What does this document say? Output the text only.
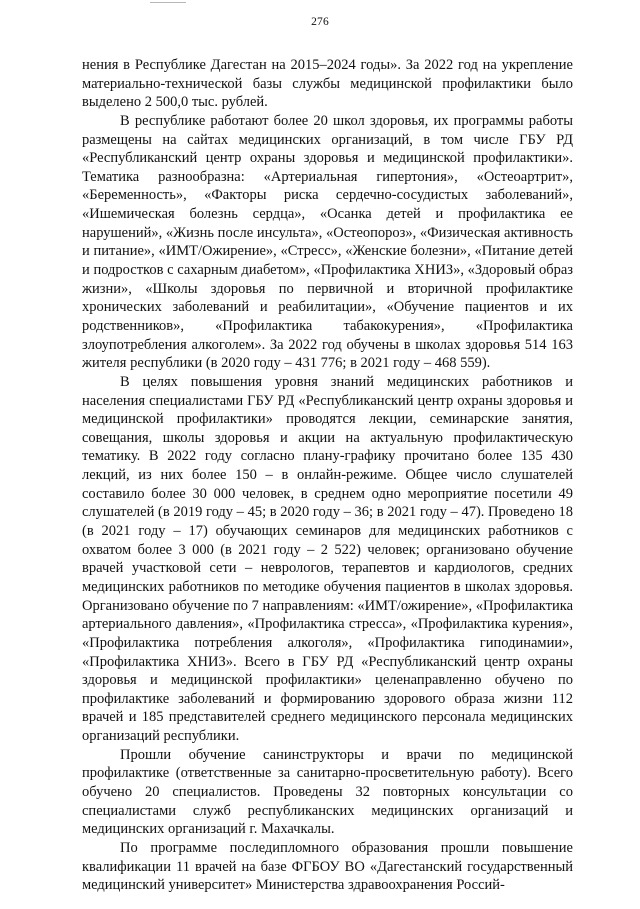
276

нения в Республике Дагестан на 2015–2024 годы». За 2022 год на укрепление материально-технической базы службы медицинской профилактики было выделено 2 500,0 тыс. рублей.

В республике работают более 20 школ здоровья, их программы работы размещены на сайтах медицинских организаций, в том числе ГБУ РД «Республиканский центр охраны здоровья и медицинской профилактики». Тематика разнообразна: «Артериальная гипертония», «Остеоартрит», «Беременность», «Факторы риска сердечно-сосудистых заболеваний», «Ишемическая болезнь сердца», «Осанка детей и профилактика ее нарушений», «Жизнь после инсульта», «Остеопороз», «Физическая активность и питание», «ИМТ/Ожирение», «Стресс», «Женские болезни», «Питание детей и подростков с сахарным диабетом», «Профилактика ХНИЗ», «Здоровый образ жизни», «Школы здоровья по первичной и вторичной профилактике хронических заболеваний и реабилитации», «Обучение пациентов и их родственников», «Профилактика табакокурения», «Профилактика злоупотребления алкоголем». За 2022 год обучены в школах здоровья 514 163 жителя республики (в 2020 году – 431 776; в 2021 году – 468 559).

В целях повышения уровня знаний медицинских работников и населения специалистами ГБУ РД «Республиканский центр охраны здоровья и медицинской профилактики» проводятся лекции, семинарские занятия, совещания, школы здоровья и акции на актуальную профилактическую тематику. В 2022 году согласно плану-графику прочитано более 135 430 лекций, из них более 150 – в онлайн-режиме. Общее число слушателей составило более 30 000 человек, в среднем одно мероприятие посетили 49 слушателей (в 2019 году – 45; в 2020 году – 36; в 2021 году – 47). Проведено 18 (в 2021 году – 17) обучающих семинаров для медицинских работников с охватом более 3 000 (в 2021 году – 2 522) человек; организовано обучение врачей участковой сети – неврологов, терапевтов и кардиологов, средних медицинских работников по методике обучения пациентов в школах здоровья. Организовано обучение по 7 направлениям: «ИМТ/ожирение», «Профилактика артериального давления», «Профилактика стресса», «Профилактика курения», «Профилактика потребления алкоголя», «Профилактика гиподинамии», «Профилактика ХНИЗ». Всего в ГБУ РД «Республиканский центр охраны здоровья и медицинской профилактики» целенаправленно обучено по профилактике заболеваний и формированию здорового образа жизни 112 врачей и 185 представителей среднего медицинского персонала медицинских организаций республики.

Прошли обучение санинструкторы и врачи по медицинской профилактике (ответственные за санитарно-просветительную работу). Всего обучено 20 специалистов. Проведены 32 повторных консультации со специалистами служб республиканских медицинских организаций и медицинских организаций г. Махачкалы.

По программе последипломного образования прошли повышение квалификации 11 врачей на базе ФГБОУ ВО «Дагестанский государственный медицинский университет» Министерства здравоохранения Россий-
